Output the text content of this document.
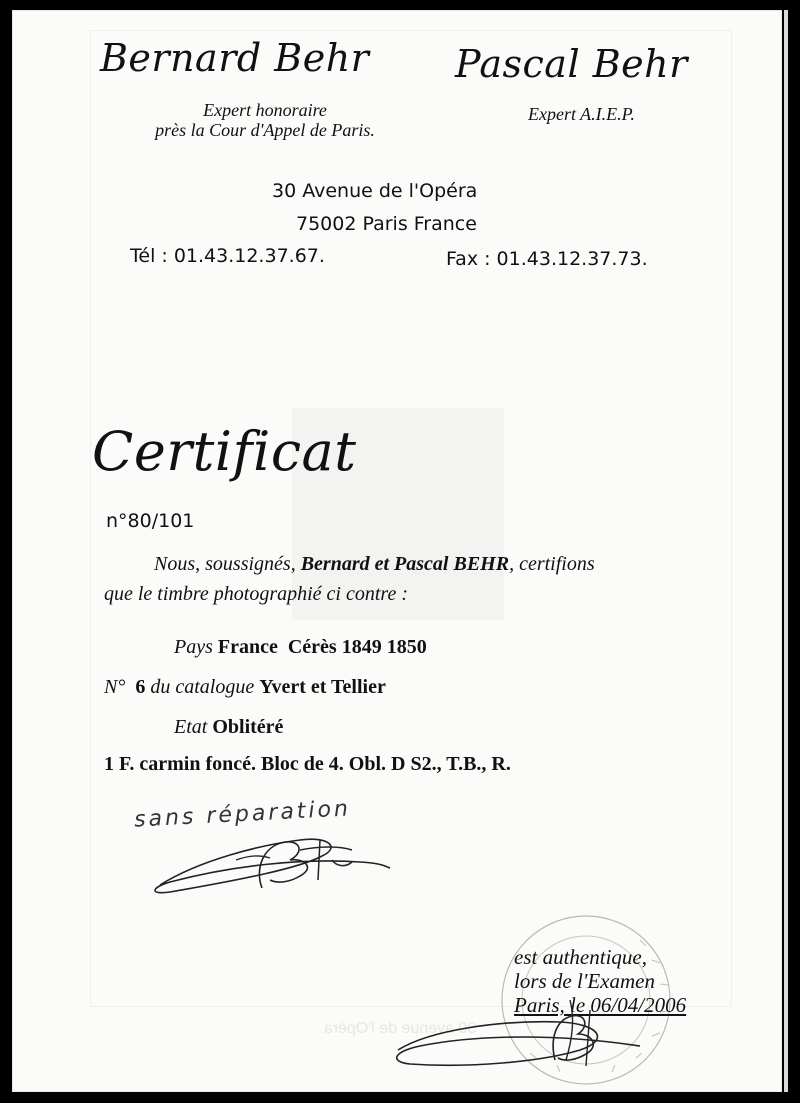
30 avenue de l'Opéra
Bernard Behr Pascal Behr
Expert honoraire
près la Cour d'Appel de Paris.
Expert A.I.E.P.
30 Avenue de l'Opéra
75002 Paris France
Tél : 01.43.12.37.67.	Fax : 01.43.12.37.73.
Certificat
n°80/101
Nous, soussignés, Bernard et Pascal BEHR, certifions
que le timbre photographié ci contre :
Pays France  Cérès 1849 1850
N° 6 du catalogue Yvert et Tellier
Etat Oblitéré
1 F. carmin foncé. Bloc de 4. Obl. D S2., T.B., R.
sans réparation
est authentique,
lors de l'Examen
Paris, le 06/04/2006
